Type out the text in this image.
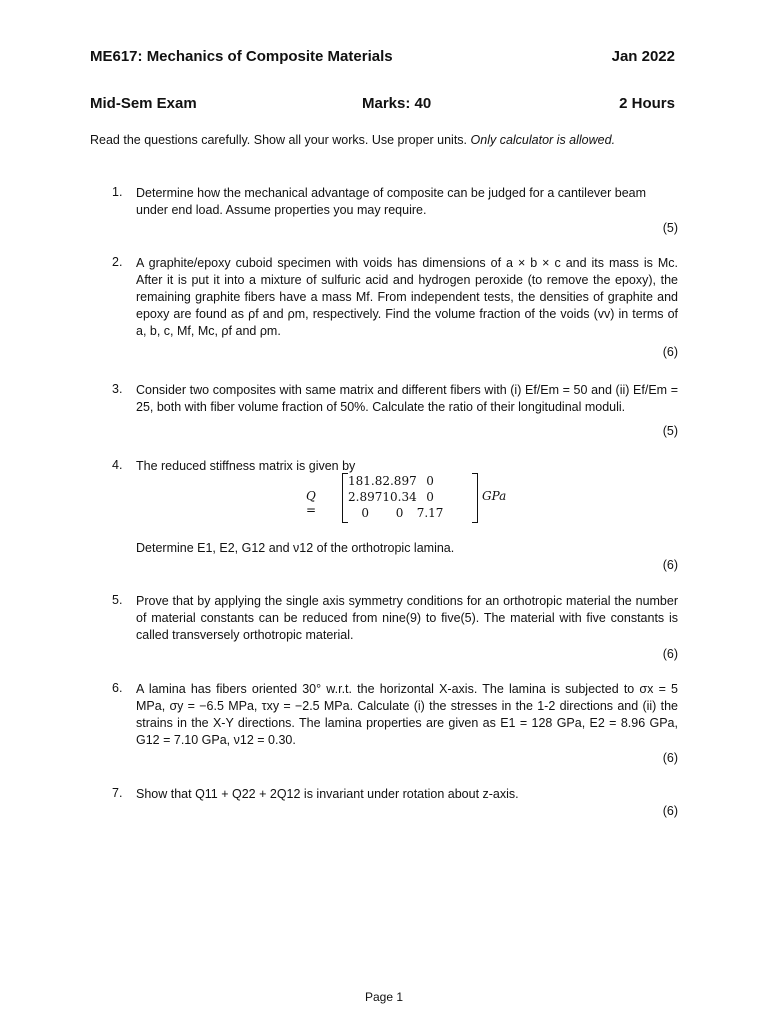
ME617: Mechanics of Composite Materials	Jan 2022
Mid-Sem Exam	Marks: 40	2 Hours
Read the questions carefully. Show all your works. Use proper units. Only calculator is allowed.
1. Determine how the mechanical advantage of composite can be judged for a cantilever beam under end load. Assume properties you may require.
(5)
2. A graphite/epoxy cuboid specimen with voids has dimensions of a × b × c and its mass is Mc. After it is put it into a mixture of sulfuric acid and hydrogen peroxide (to remove the epoxy), the remaining graphite fibers have a mass Mf. From independent tests, the densities of graphite and epoxy are found as ρf and ρm, respectively. Find the volume fraction of the voids (vv) in terms of a, b, c, Mf, Mc, ρf and ρm.
(6)
3. Consider two composites with same matrix and different fibers with (i) Ef/Em = 50 and (ii) Ef/Em = 25, both with fiber volume fraction of 50%. Calculate the ratio of their longitudinal moduli.
(5)
4. The reduced stiffness matrix is given by
Determine E1, E2, G12 and ν12 of the orthotropic lamina.
(6)
Q =
181.8	2.897	0
2.897	10.34	0
0	0	7.17
GPa
5. Prove that by applying the single axis symmetry conditions for an orthotropic material the number of material constants can be reduced from nine(9) to five(5). The material with five constants is called transversely orthotropic material.
(6)
6. A lamina has fibers oriented 30° w.r.t. the horizontal X-axis. The lamina is subjected to σx = 5 MPa, σy = −6.5 MPa, τxy = −2.5 MPa. Calculate (i) the stresses in the 1-2 directions and (ii) the strains in the X-Y directions. The lamina properties are given as E1 = 128 GPa, E2 = 8.96 GPa, G12 = 7.10 GPa, ν12 = 0.30.
(6)
7. Show that Q11 + Q22 + 2Q12 is invariant under rotation about z-axis.
(6)
Page 1
